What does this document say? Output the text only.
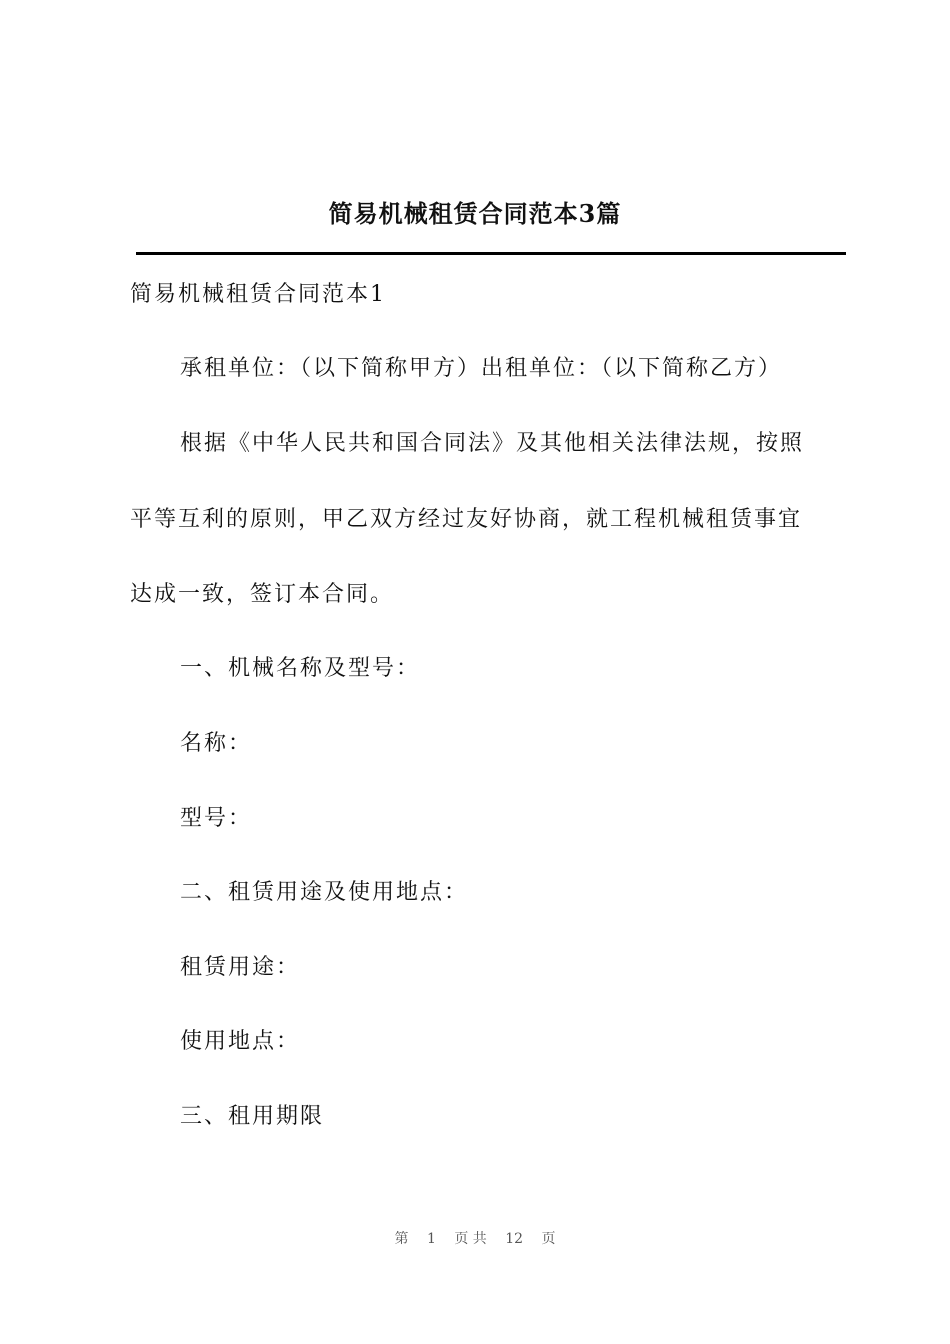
简易机械租赁合同范本3篇
简易机械租赁合同范本1
承租单位：（以下简称甲方）出租单位：（以下简称乙方）
根据《中华人民共和国合同法》及其他相关法律法规，按照
平等互利的原则，甲乙双方经过友好协商，就工程机械租赁事宜
达成一致，签订本合同。
一、机械名称及型号：
名称：
型号：
二、租赁用途及使用地点：
租赁用途：
使用地点：
三、租用期限
第 1 页 共 12 页
